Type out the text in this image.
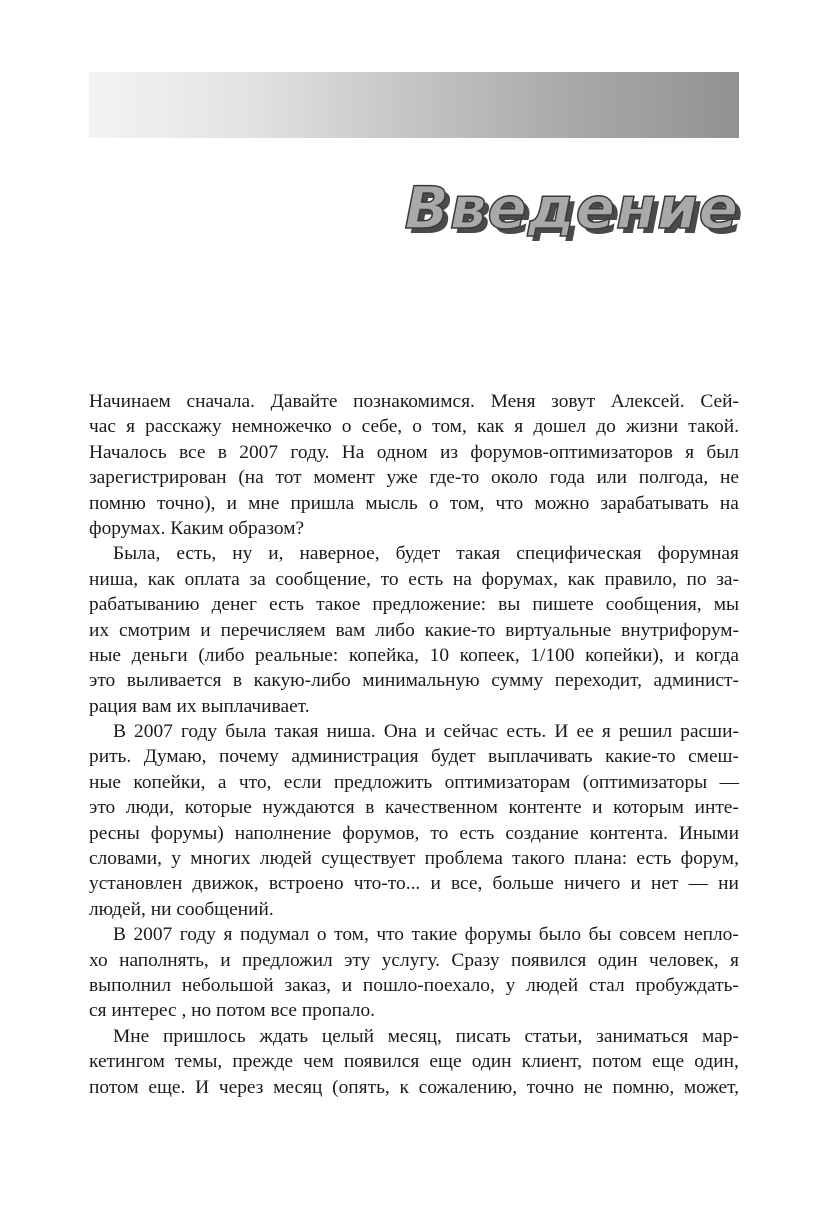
Введение
Начинаем сначала. Давайте познакомимся. Меня зовут Алексей. Сей-
час я расскажу немножечко о себе, о том, как я дошел до жизни такой.
Началось все в 2007 году. На одном из форумов-оптимизаторов я был
зарегистрирован (на тот момент уже где-то около года или полгода, не
помню точно), и мне пришла мысль о том, что можно зарабатывать на
форумах. Каким образом?
Была, есть, ну и, наверное, будет такая специфическая форумная
ниша, как оплата за сообщение, то есть на форумах, как правило, по за-
рабатыванию денег есть такое предложение: вы пишете сообщения, мы
их смотрим и перечисляем вам либо какие-то виртуальные внутрифорум-
ные деньги (либо реальные: копейка, 10 копеек, 1/100 копейки), и когда
это выливается в какую-либо минимальную сумму переходит, админист-
рация вам их выплачивает.
В 2007 году была такая ниша. Она и сейчас есть. И ее я решил расши-
рить. Думаю, почему администрация будет выплачивать какие-то смеш-
ные копейки, а что, если предложить оптимизаторам (оптимизаторы —
это люди, которые нуждаются в качественном контенте и которым инте-
ресны форумы) наполнение форумов, то есть создание контента. Иными
словами, у многих людей существует проблема такого плана: есть форум,
установлен движок, встроено что-то... и все, больше ничего и нет — ни
людей, ни сообщений.
В 2007 году я подумал о том, что такие форумы было бы совсем непло-
хо наполнять, и предложил эту услугу. Сразу появился один человек, я
выполнил небольшой заказ, и пошло-поехало, у людей стал пробуждать-
ся интерес , но потом все пропало.
Мне пришлось ждать целый месяц, писать статьи, заниматься мар-
кетингом темы, прежде чем появился еще один клиент, потом еще один,
потом еще. И через месяц (опять, к сожалению, точно не помню, может,
